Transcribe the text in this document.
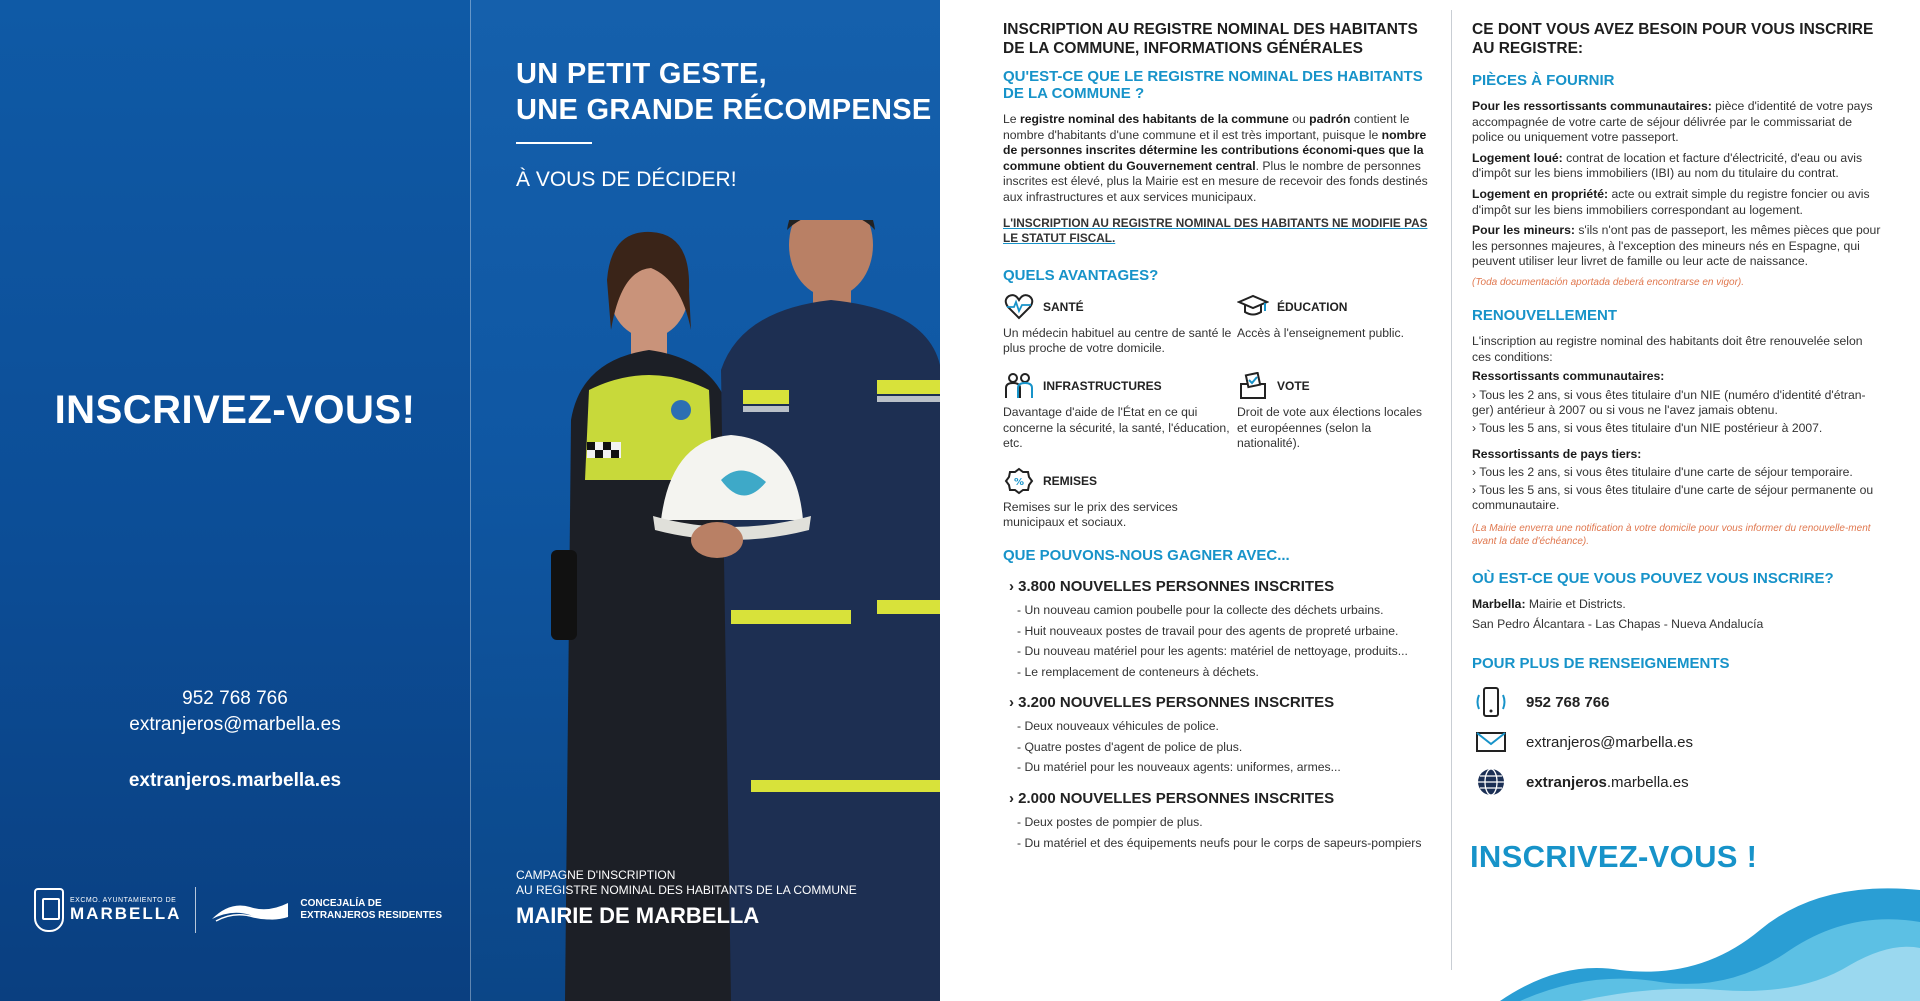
INSCRIVEZ-VOUS!
952 768 766
extranjeros@marbella.es
extranjeros.marbella.es
EXCMO. AYUNTAMIENTO DE
MARBELLA	CONCEJALÍA DE
EXTRANJEROS RESIDENTES
UN PETIT GESTE,
UNE GRANDE RÉCOMPENSE
À VOUS DE DÉCIDER!
CAMPAGNE D'INSCRIPTION
AU REGISTRE NOMINAL DES HABITANTS DE LA COMMUNE
MAIRIE DE MARBELLA
INSCRIPTION AU REGISTRE NOMINAL DES HABITANTS DE LA COMMUNE, INFORMATIONS GÉNÉRALES
QU'EST-CE QUE LE REGISTRE NOMINAL DES HABITANTS DE LA COMMUNE ?

Le registre nominal des habitants de la commune ou padrón contient le nombre d'habitants d'une commune et il est très important, puisque le nombre de personnes inscrites détermine les contributions économi-ques que la commune obtient du Gouvernement central. Plus le nombre de personnes inscrites est élevé, plus la Mairie est en mesure de recevoir des fonds destinés aux infrastructures et aux services municipaux.

L'INSCRIPTION AU REGISTRE NOMINAL DES HABITANTS NE MODIFIE PAS LE STATUT FISCAL.

QUELS AVANTAGES?
SANTÉ
Un médecin habituel au centre de santé le plus proche de votre domicile.
ÉDUCATION
Accès à l'enseignement public.
INFRASTRUCTURES
Davantage d'aide de l'État en ce qui concerne la sécurité, la santé, l'éducation, etc.
VOTE
Droit de vote aux élections locales et européennes (selon la nationalité).
% REMISES
Remises sur le prix des services municipaux et sociaux.
QUE POUVONS-NOUS GAGNER AVEC...
› 3.800 NOUVELLES PERSONNES INSCRITES
- Un nouveau camion poubelle pour la collecte des déchets urbains.
- Huit nouveaux postes de travail pour des agents de propreté urbaine.
- Du nouveau matériel pour les agents: matériel de nettoyage, produits...
- Le remplacement de conteneurs à déchets.
› 3.200 NOUVELLES PERSONNES INSCRITES
- Deux nouveaux véhicules de police.
- Quatre postes d'agent de police de plus.
- Du matériel pour les nouveaux agents: uniformes, armes...
› 2.000 NOUVELLES PERSONNES INSCRITES
- Deux postes de pompier de plus.
- Du matériel et des équipements neufs pour le corps de sapeurs-pompiers
CE DONT VOUS AVEZ BESOIN POUR VOUS INSCRIRE AU REGISTRE:
PIÈCES À FOURNIR

Pour les ressortissants communautaires: pièce d'identité de votre pays accompagnée de votre carte de séjour délivrée par le commissariat de police ou uniquement votre passeport.

Logement loué: contrat de location et facture d'électricité, d'eau ou avis d'impôt sur les biens immobiliers (IBI) au nom du titulaire du contrat.

Logement en propriété: acte ou extrait simple du registre foncier ou avis d'impôt sur les biens immobiliers correspondant au logement.

Pour les mineurs: s'ils n'ont pas de passeport, les mêmes pièces que pour les personnes majeures, à l'exception des mineurs nés en Espagne, qui peuvent utiliser leur livret de famille ou leur acte de naissance.

(Toda documentación aportada deberá encontrarse en vigor).

RENOUVELLEMENT

L'inscription au registre nominal des habitants doit être renouvelée selon ces conditions:

Ressortissants communautaires:

› Tous les 2 ans, si vous êtes titulaire d'un NIE (numéro d'identité d'étran-ger) antérieur à 2007 ou si vous ne l'avez jamais obtenu.

› Tous les 5 ans, si vous êtes titulaire d'un NIE postérieur à 2007.

Ressortissants de pays tiers:

› Tous les 2 ans, si vous êtes titulaire d'une carte de séjour temporaire.

› Tous les 5 ans, si vous êtes titulaire d'une carte de séjour permanente ou communautaire.

(La Mairie enverra une notification à votre domicile pour vous informer du renouvelle-ment avant la date d'échéance).

OÙ EST-CE QUE VOUS POUVEZ VOUS INSCRIRE?

Marbella: Mairie et Districts.

San Pedro Álcantara - Las Chapas - Nueva Andalucía

POUR PLUS DE RENSEIGNEMENTS
952 768 766
extranjeros@marbella.es
extranjeros.marbella.es
INSCRIVEZ-VOUS !
